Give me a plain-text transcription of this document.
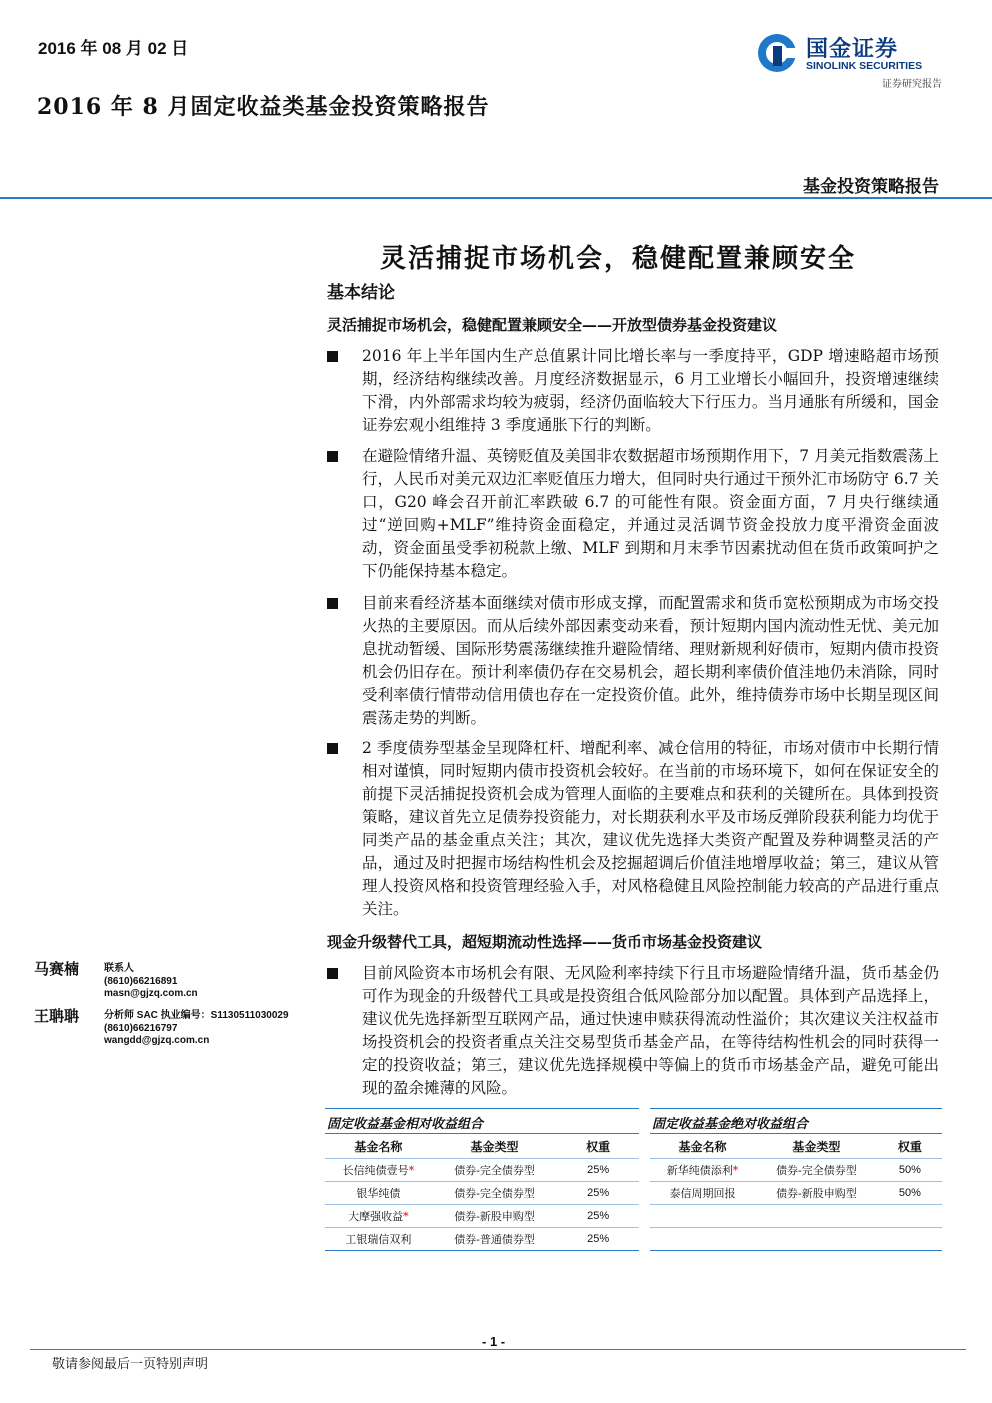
2016 年 08 月 02 日	国金证券
SINOLINK SECURITIES
证券研究报告
2016 年 8 月固定收益类基金投资策略报告
基金投资策略报告
灵活捕捉市场机会，稳健配置兼顾安全
基本结论
灵活捕捉市场机会，稳健配置兼顾安全——开放型债券基金投资建议
2016 年上半年国内生产总值累计同比增长率与一季度持平，GDP 增速略超市场预期，经济结构继续改善。月度经济数据显示，6 月工业增长小幅回升，投资增速继续下滑，内外部需求均较为疲弱，经济仍面临较大下行压力。当月通胀有所缓和，国金证券宏观小组维持 3 季度通胀下行的判断。
在避险情绪升温、英镑贬值及美国非农数据超市场预期作用下，7 月美元指数震荡上行，人民币对美元双边汇率贬值压力增大，但同时央行通过干预外汇市场防守 6.7 关口，G20 峰会召开前汇率跌破 6.7 的可能性有限。资金面方面，7 月央行继续通过“逆回购+MLF”维持资金面稳定，并通过灵活调节资金投放力度平滑资金面波动，资金面虽受季初税款上缴、MLF 到期和月末季节因素扰动但在货币政策呵护之下仍能保持基本稳定。
目前来看经济基本面继续对债市形成支撑，而配置需求和货币宽松预期成为市场交投火热的主要原因。而从后续外部因素变动来看，预计短期内国内流动性无忧、美元加息扰动暂缓、国际形势震荡继续推升避险情绪、理财新规利好债市，短期内债市投资机会仍旧存在。预计利率债仍存在交易机会，超长期利率债价值洼地仍未消除，同时受利率债行情带动信用债也存在一定投资价值。此外，维持债券市场中长期呈现区间震荡走势的判断。
2 季度债券型基金呈现降杠杆、增配利率、减仓信用的特征，市场对债市中长期行情相对谨慎，同时短期内债市投资机会较好。在当前的市场环境下，如何在保证安全的前提下灵活捕捉投资机会成为管理人面临的主要难点和获利的关键所在。具体到投资策略，建议首先立足债券投资能力，对长期获利水平及市场反弹阶段获利能力均优于同类产品的基金重点关注；其次，建议优先选择大类资产配置及券种调整灵活的产品，通过及时把握市场结构性机会及挖掘超调后价值洼地增厚收益；第三，建议从管理人投资风格和投资管理经验入手，对风格稳健且风险控制能力较高的产品进行重点关注。
现金升级替代工具，超短期流动性选择——货币市场基金投资建议
目前风险资本市场机会有限、无风险利率持续下行且市场避险情绪升温，货币基金仍可作为现金的升级替代工具或是投资组合低风险部分加以配置。具体到产品选择上，建议优先选择新型互联网产品，通过快速申赎获得流动性溢价；其次建议关注权益市场投资机会的投资者重点关注交易型货币基金产品，在等待结构性机会的同时获得一定的投资收益；第三，建议优先选择规模中等偏上的货币市场基金产品，避免可能出现的盈余摊薄的风险。
马赛楠 联系人
(8610)66216891
masn@gjzq.com.cn
王聃聃 分析师 SAC 执业编号：S1130511030029
(8610)66216797
wangdd@gjzq.com.cn
固定收益基金相对收益组合
基金名称	基金类型	权重
长信纯债壹号*	债券-完全债券型	25%
银华纯债	债券-完全债券型	25%
大摩强收益*	债券-新股申购型	25%
工银瑞信双利	债券-普通债券型	25%
固定收益基金绝对收益组合
基金名称	基金类型	权重
新华纯债添利*	债券-完全债券型	50%
泰信周期回报	债券-新股申购型	50%

- 1 -
敬请参阅最后一页特别声明
